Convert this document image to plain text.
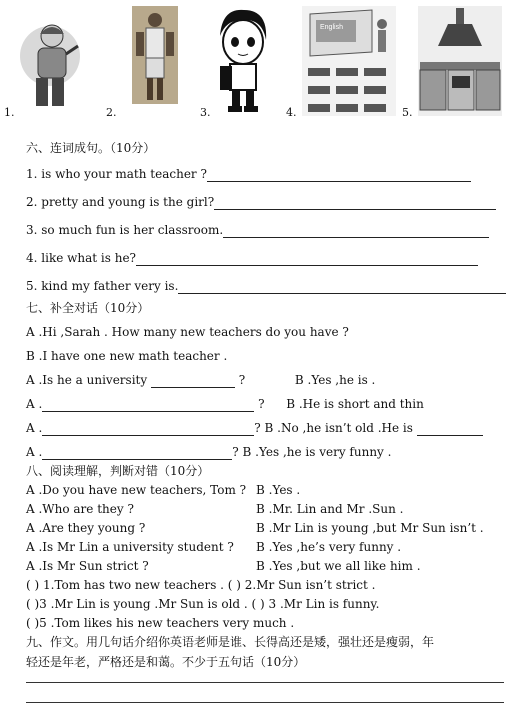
1.	2.	3.
English
4.	5.
六、连词成句。（10分）
1. is who your math teacher ?
2. pretty and young is the girl?
3. so much fun is her classroom.
4. like what is he?
5. kind my father very is.
七、补全对话（10分）
A .Hi ,Sarah . How many new teachers do you have ?
B .I have one new math teacher .
A .Is he a university	?	B .Yes ,he is .
A .	? B .He is short and thin
A .	? B .No ,he isn’t old .He is
A .	? B .Yes ,he is very funny .
八、阅读理解，判断对错（10分）
A .Do you have new teachers, Tom ? B .Yes .
A .Who are they ?	B .Mr. Lin and Mr .Sun .
A .Are they young ?	B .Mr Lin is young ,but Mr Sun isn’t .
A .Is Mr Lin a university student ? B .Yes ,he’s very funny .
A .Is Mr Sun strict ?	B .Yes ,but we all like him .
( ) 1.Tom has two new teachers . ( ) 2.Mr Sun isn’t strict .
( )3 .Mr Lin is young .Mr Sun is old . ( ) 3 .Mr Lin is funny.
( )5 .Tom likes his new teachers very much .
九、作文。用几句话介绍你英语老师是谁、长得高还是矮，强壮还是瘦弱，年
轻还是年老，严格还是和蔼。不少于五句话（10分）
